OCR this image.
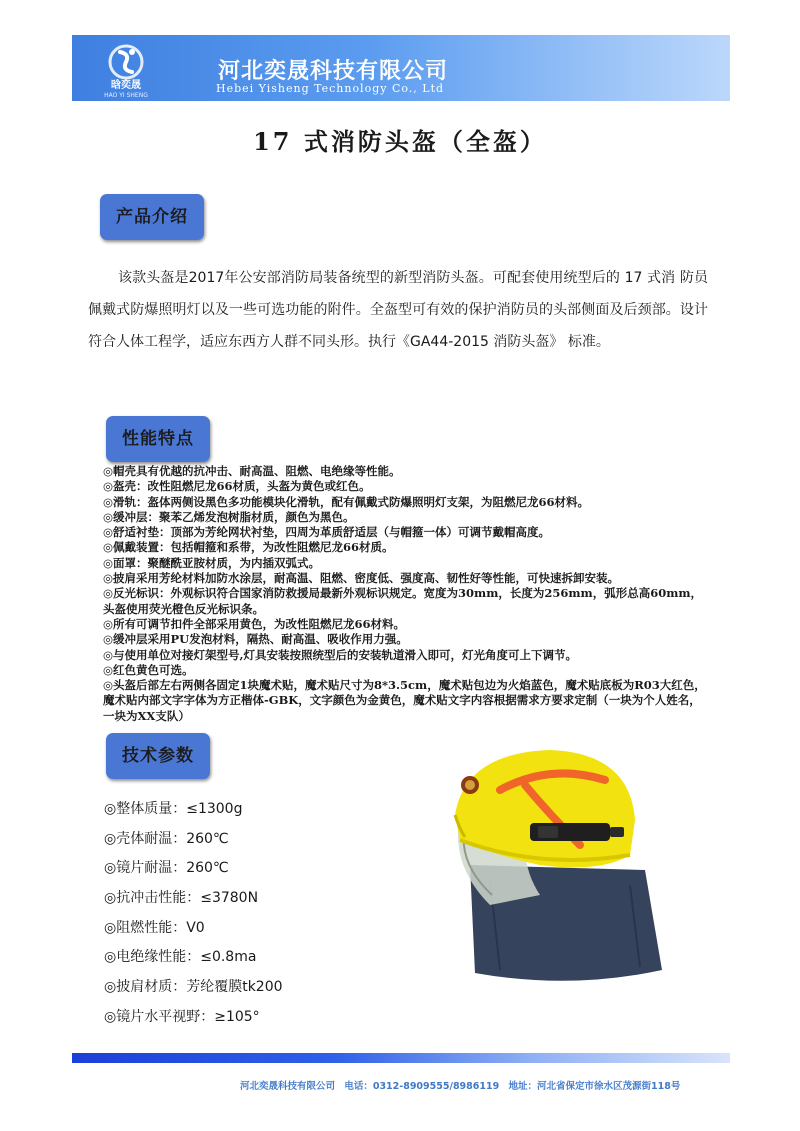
晗奕晟
HAO YI SHENG
河北奕晟科技有限公司
Hebei Yisheng Technology Co., Ltd
17 式消防头盔（全盔）
产品介绍
该款头盔是2017年公安部消防局装备统型的新型消防头盔。可配套使用统型后的 17 式消 防员佩戴式防爆照明灯以及一些可选功能的附件。全盔型可有效的保护消防员的头部侧面及后颈部。设计符合人体工程学，适应东西方人群不同头形。执行《GA44-2015 消防头盔》 标准。
性能特点
◎帽壳具有优越的抗冲击、耐高温、阻燃、电绝缘等性能。
◎盔壳：改性阻燃尼龙66材质，头盔为黄色或红色。
◎滑轨：盔体两侧设黑色多功能模块化滑轨，配有佩戴式防爆照明灯支架，为阻燃尼龙66材料。
◎缓冲层：聚苯乙烯发泡树脂材质，颜色为黑色。
◎舒适衬垫：顶部为芳纶网状衬垫，四周为革质舒适层（与帽箍一体）可调节戴帽高度。
◎佩戴装置：包括帽箍和系带，为改性阻燃尼龙66材质。
◎面罩：聚醚酰亚胺材质，为内插双弧式。
◎披肩采用芳纶材料加防水涂层，耐高温、阻燃、密度低、强度高、韧性好等性能，可快速拆卸安装。
◎反光标识：外观标识符合国家消防救援局最新外观标识规定。宽度为30mm，长度为256mm，弧形总高60mm，头盔使用荧光橙色反光标识条。
◎所有可调节扣件全部采用黄色，为改性阻燃尼龙66材料。
◎缓冲层采用PU发泡材料，隔热、耐高温、吸收作用力强。
◎与使用单位对接灯架型号,灯具安装按照统型后的安装轨道滑入即可，灯光角度可上下调节。
◎红色黄色可选。
◎头盔后部左右两侧各固定1块魔术贴，魔术贴尺寸为8*3.5cm，魔术贴包边为火焰蓝色，魔术贴底板为R03大红色，魔术贴内部文字字体为方正楷体-GBK，文字颜色为金黄色，魔术贴文字内容根据需求方要求定制（一块为个人姓名，一块为XX支队）
技术参数
◎整体质量：≤1300g
◎壳体耐温：260℃
◎镜片耐温：260℃
◎抗冲击性能：≤3780N
◎阻燃性能：V0
◎电绝缘性能：≤0.8ma
◎披肩材质：芳纶覆膜tk200
◎镜片水平视野：≥105°
河北奕晟科技有限公司 电话：0312-8909555/8986119 地址：河北省保定市徐水区茂源街118号
